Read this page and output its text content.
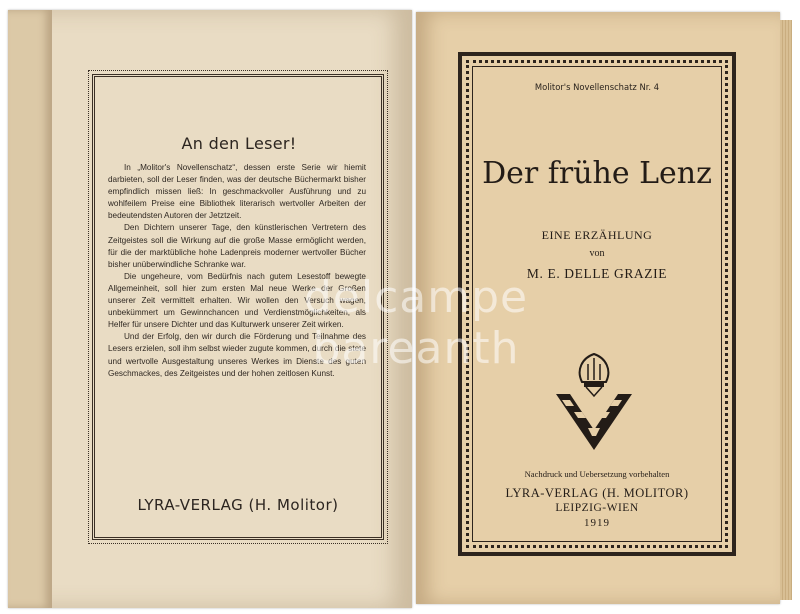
An den Leser!

In „Molitor's Novellenschatz“, dessen erste Serie wir hiemit darbieten, soll der Leser finden, was der deutsche Büchermarkt bisher empfindlich missen ließ: In geschmackvoller Ausführung und zu wohlfeilem Preise eine Bibliothek literarisch wertvoller Arbeiten der bedeutendsten Autoren der Jetztzeit.

Den Dichtern unserer Tage, den künstlerischen Vertretern des Zeitgeistes soll die Wirkung auf die große Masse ermöglicht werden, für die der marktübliche hohe Ladenpreis moderner wertvoller Bücher bisher unüberwindliche Schranke war.

Die ungeheure, vom Bedürfnis nach gutem Lesestoff bewegte Allgemeinheit, soll hier zum ersten Mal neue Werke der Großen unserer Zeit vermittelt erhalten. Wir wollen den Versuch wagen, unbekümmert um Gewinnchancen und Verdienstmöglichkeiten, als Helfer für unsere Dichter und das Kulturwerk unserer Zeit wirken.

Und der Erfolg, den wir durch die Förderung und Teilnahme des Lesers erzielen, soll ihm selbst wieder zugute kommen, durch die stete und wertvolle Ausgestaltung unseres Werkes im Dienste des guten Geschmackes, des Zeitgeistes und der hohen zeitlosen Kunst.

LYRA-VERLAG (H. Molitor)
Molitor's Novellenschatz Nr. 4
Der frühe Lenz
EINE ERZÄHLUNG
von
M. E. DELLE GRAZIE
Nachdruck und Uebersetzung vorbehalten
LYRA-VERLAG (H. MOLITOR)
LEIPZIG-WIEN
1919
delcampe bareanth
